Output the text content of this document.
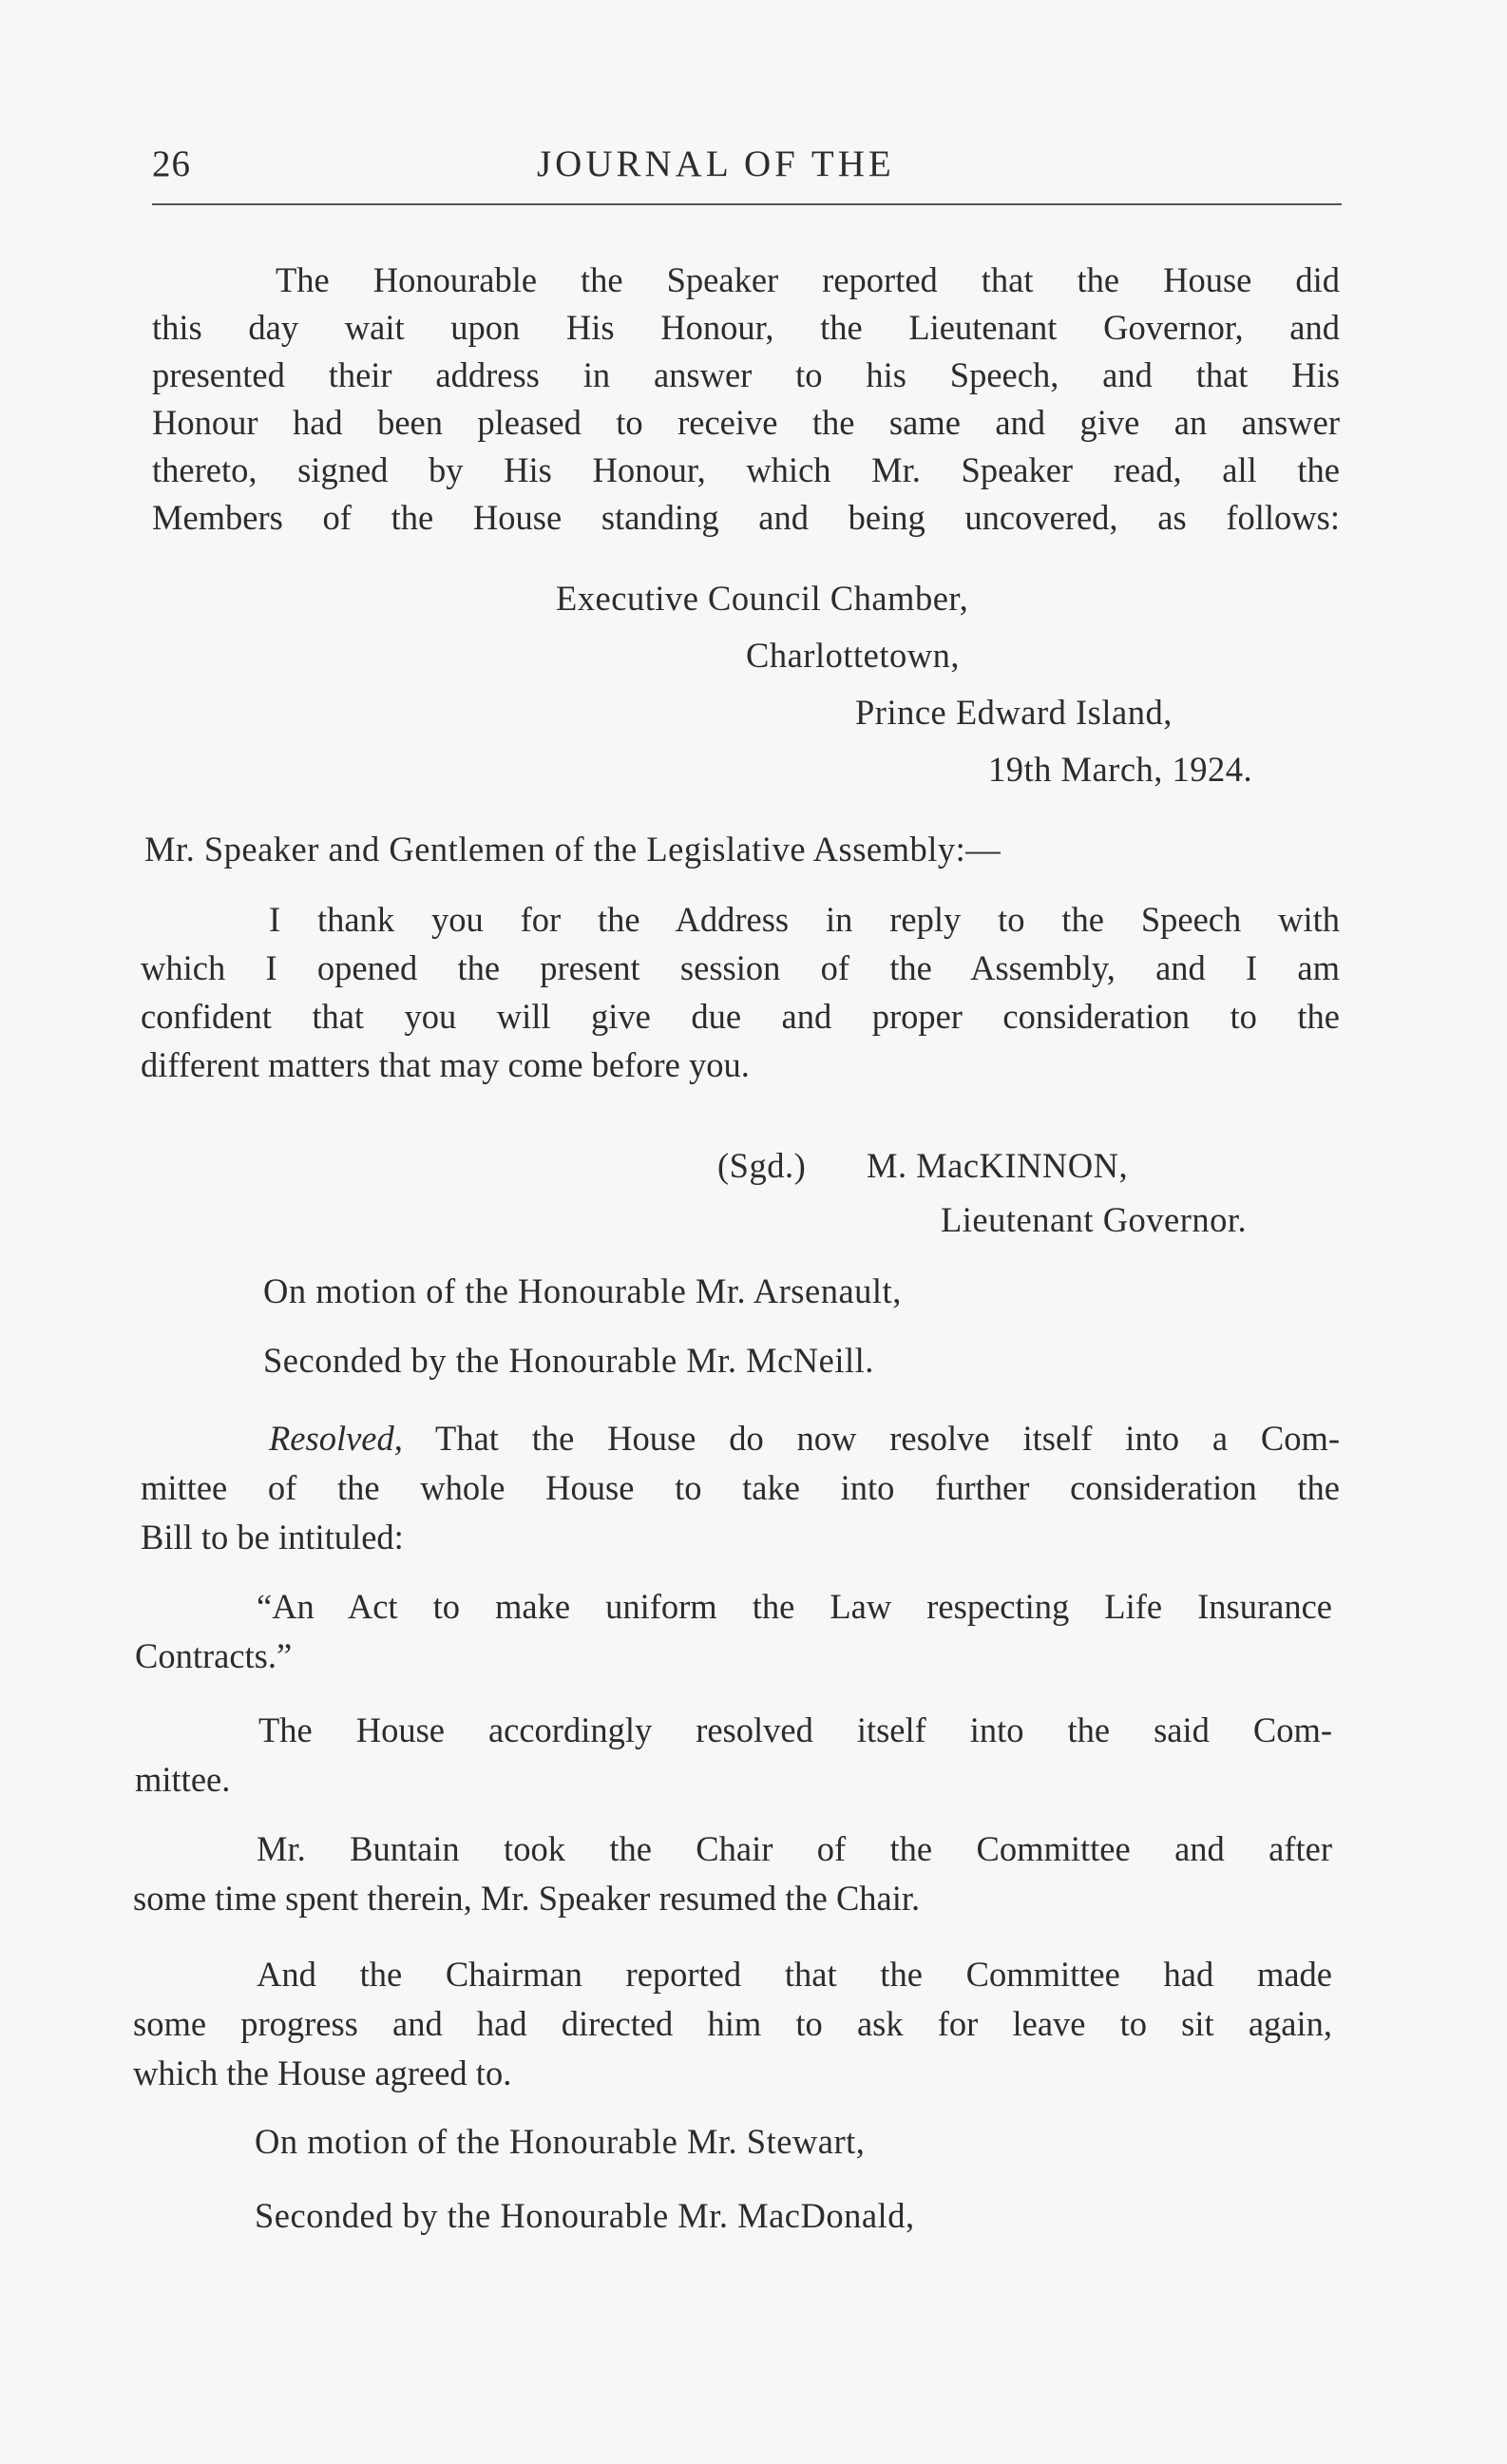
26	JOURNAL OF THE
The Honourable the Speaker reported that the House did
this day wait upon His Honour, the Lieutenant Governor, and
presented their address in answer to his Speech, and that His
Honour had been pleased to receive the same and give an answer
thereto, signed by His Honour, which Mr. Speaker read, all the
Members of the House standing and being uncovered, as follows:
Executive Council Chamber,
Charlottetown,
Prince Edward Island,
19th March, 1924.
Mr. Speaker and Gentlemen of the Legislative Assembly:—
I thank you for the Address in reply to the Speech with
which I opened the present session of the Assembly, and I am
confident that you will give due and proper consideration to the
different matters that may come before you.
(Sgd.) M. MacKINNON,
Lieutenant Governor.
On motion of the Honourable Mr. Arsenault,
Seconded by the Honourable Mr. McNeill.
Resolved, That the House do now resolve itself into a Com-
mittee of the whole House to take into further consideration the
Bill to be intituled:
“An Act to make uniform the Law respecting Life Insurance
Contracts.”
The House accordingly resolved itself into the said Com-
mittee.
Mr. Buntain took the Chair of the Committee and after
some time spent therein, Mr. Speaker resumed the Chair.
And the Chairman reported that the Committee had made
some progress and had directed him to ask for leave to sit again,
which the House agreed to.
On motion of the Honourable Mr. Stewart,
Seconded by the Honourable Mr. MacDonald,
